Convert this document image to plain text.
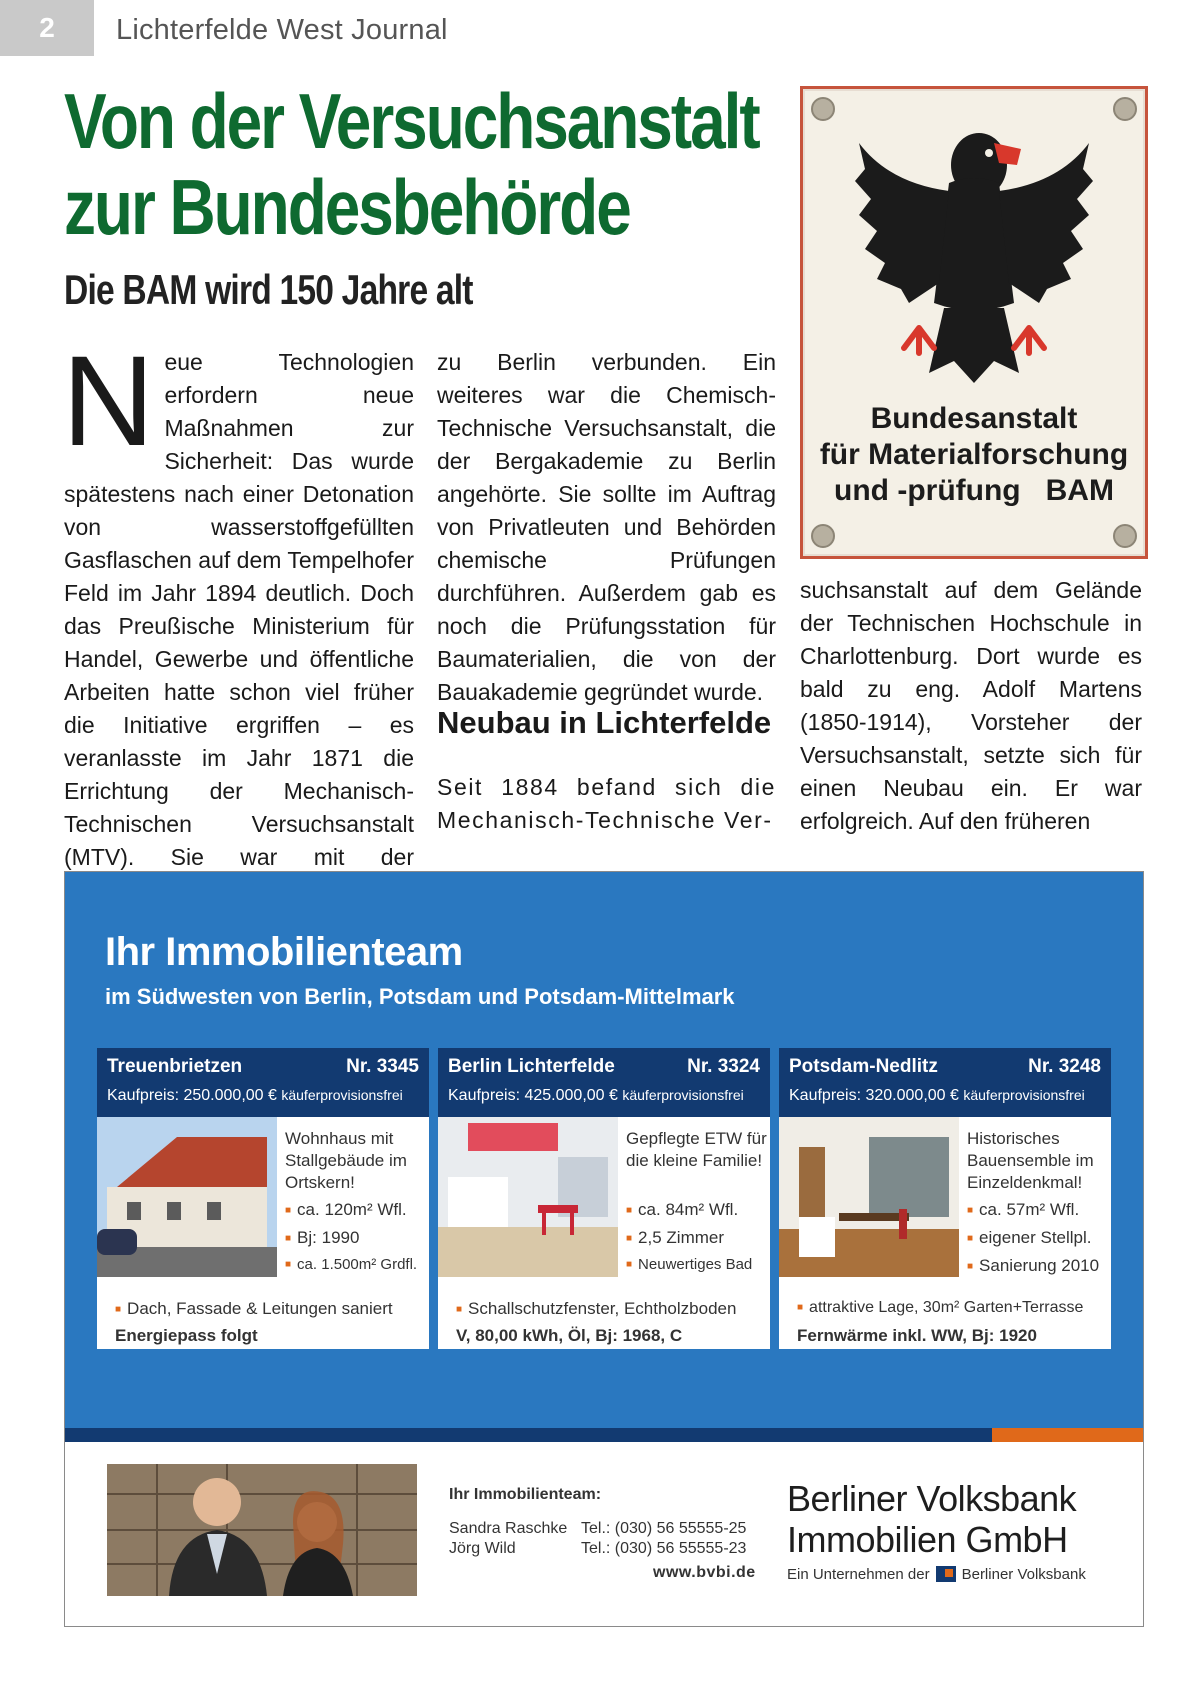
2	Lichterfelde West Journal
Von der Versuchsanstalt
zur Bundesbehörde
Die BAM wird 150 Jahre alt
N eue Technologien erfordern neue Maßnahmen zur Sicherheit: Das wurde spätestens nach einer Detonation von wasserstoffgefüllten Gasflaschen auf dem Tempelhofer Feld im Jahr 1894 deutlich. Doch das Preußische Ministerium für Handel, Gewerbe und öffentliche Arbeiten hatte schon viel früher die Initiative ergriffen – es veranlasste im Jahr 1871 die Errichtung der Mechanisch-Technischen Versuchsanstalt (MTV). Sie war mit der

zu Berlin verbunden. Ein weiteres war die Chemisch-Technische Versuchsanstalt, die der Bergakademie zu Berlin angehörte. Sie sollte im Auftrag von Privatleuten und Behörden chemische Prüfungen durchführen. Außerdem gab es noch die Prüfungsstation für Baumaterialien, die von der Bauakademie gegründet wurde.

Neubau in Lichterfelde

Seit 1884 befand sich die Mechanisch-Technische Ver-

Bundesanstalt
für Materialforschung
und -prüfung   BAM

suchsanstalt auf dem Gelände der Technischen Hochschule in Charlottenburg. Dort wurde es bald zu eng. Adolf Martens (1850-1914), Vorsteher der Versuchsanstalt, setzte sich für einen Neubau ein. Er war erfolgreich. Auf den früheren

Ihr Immobilienteam
im Südwesten von Berlin, Potsdam und Potsdam-Mittelmark
Treuenbrietzen	Nr. 3345
Kaufpreis: 250.000,00 € käuferprovisionsfrei
Wohnhaus mit Stallgebäude im Ortskern!
■ ca. 120m² Wfl.
■ Bj: 1990
■ ca. 1.500m² Grdfl.
■ Dach, Fassade & Leitungen saniert
Energiepass folgt
Berlin Lichterfelde	Nr. 3324
Kaufpreis: 425.000,00 € käuferprovisionsfrei
Gepflegte ETW für die kleine Familie!
■ ca. 84m² Wfl.
■ 2,5 Zimmer
■ Neuwertiges Bad
■ Schallschutzfenster, Echtholzboden
V, 80,00 kWh, Öl, Bj: 1968, C
Potsdam-Nedlitz	Nr. 3248
Kaufpreis: 320.000,00 € käuferprovisionsfrei
Historisches Bauensemble im Einzeldenkmal!
■ ca. 57m² Wfl.
■ eigener Stellpl.
■ Sanierung 2010
■ attraktive Lage, 30m² Garten+Terrasse
Fernwärme inkl. WW, Bj: 1920
Ihr Immobilienteam:
Sandra Raschke Tel.: (030) 56 55555-25
Jörg Wild	Tel.: (030) 56 55555-23
www.bvbi.de
Berliner Volksbank
Immobilien GmbH
Ein Unternehmen der Berliner Volksbank
